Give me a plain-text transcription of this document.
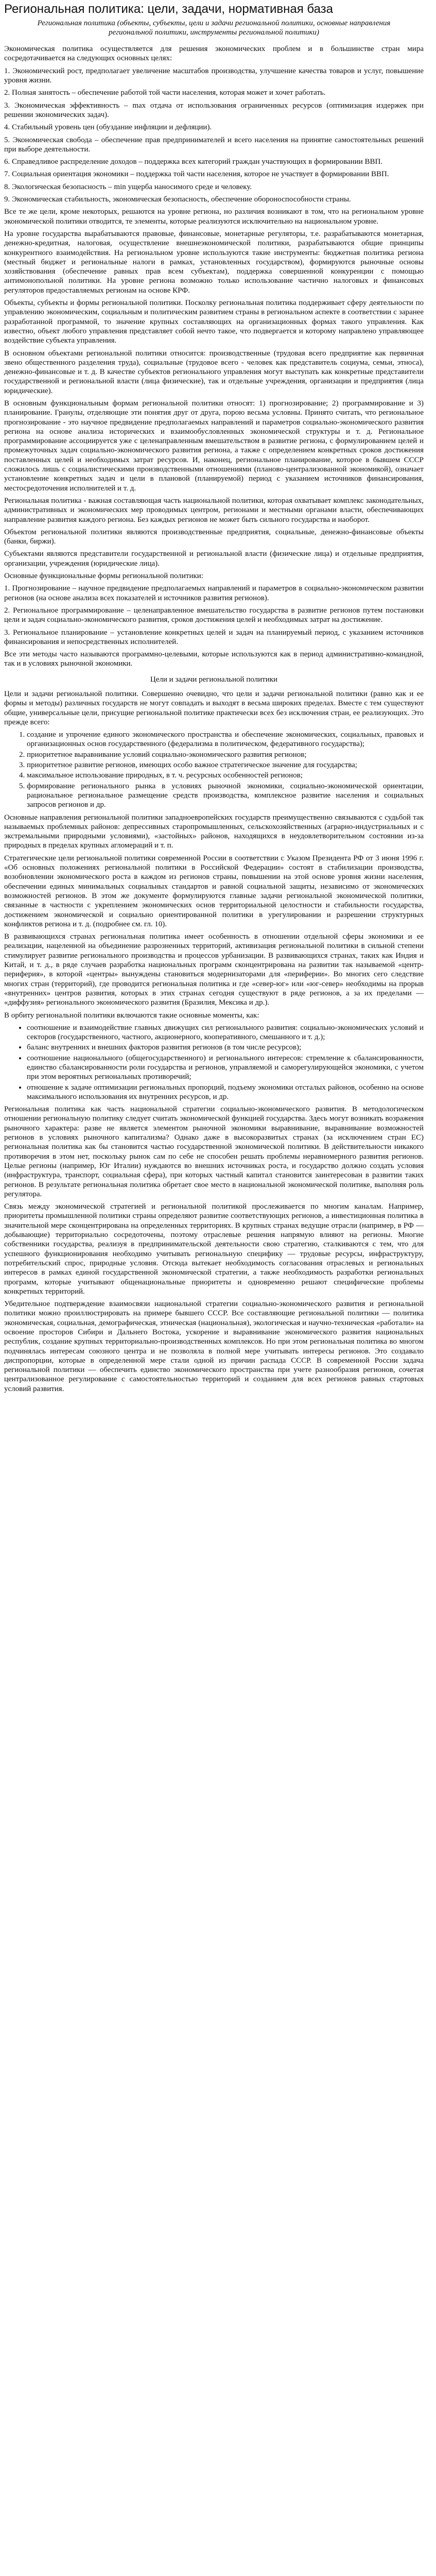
Региональная политика: цели, задачи, нормативная база

Региональная политика (объекты, субъекты, цели и задачи региональной политики, основные направления региональной политики, инструменты региональной политики)

Экономическая политика осуществляется для решения экономических проблем и в большинстве стран мира сосредотачивается на следующих основных целях:

1. Экономический рост, предполагает увеличение масштабов производства, улучшение качества товаров и услуг, повышение уровня жизни.

2. Полная занятость – обеспечение работой той части населения, которая может и хочет работать.

3. Экономическая эффективность – max отдача от использования ограниченных ресурсов (оптимизация издержек при решении экономических задач).

4. Стабильный уровень цен (обуздание инфляции и дефляции).

5. Экономическая свобода – обеспечение прав предпринимателей и всего населения на принятие самостоятельных решений при выборе деятельности.

6. Справедливое распределение доходов – поддержка всех категорий граждан участвующих в формировании ВВП.

7. Социальная ориентация экономики – поддержка той части населения, которое не участвует в формировании ВВП.

8. Экологическая безопасность – min ущерба наносимого среде и человеку.

9. Экономическая стабильность, экономическая безопасность, обеспечение обороноспособности страны.

Все те же цели, кроме некоторых, решаются на уровне региона, но различия возникают в том, что на региональном уровне экономической политики отводится, те элементы, которые реализуются исключительно на национальном уровне.

На уровне государства вырабатываются правовые, финансовые, монетарные регуляторы, т.е. разрабатываются монетарная, денежно-кредитная, налоговая, осуществление внешнеэкономической политики, разрабатываются общие принципы конкурентного взаимодействия. На региональном уровне используются такие инструменты: бюджетная политика региона (местный бюджет и региональные налоги в рамках, установленных государством), формируются рыночные основы хозяйствования (обеспечение равных прав всем субъектам), поддержка совершенной конкуренции с помощью антимонопольной политики. На уровне региона возможно только использование частично налоговых и финансовых регуляторов предоставляемых регионам на основе КРФ.

Объекты, субъекты и формы региональной политики. Посколку региональная политика поддерживает сферу деятельности по управлению экономическим, социальным и политическим развитием страны в региональном аспекте в соответствии с заранее разработанной программой, то значение крупных составляющих на организационных формах такого управления. Как известно, объект любого управления представляет собой нечто такое, что подвергается и которому направлено управляющее воздействие субъекта управления.

В основном объектами региональной политики относится: производственные (трудовая всего предприятие как первичная звено общественного разделения труда), социальные (трудовое всего - человек как представитель социума, семьи, этноса), денежно-финансовые и т. д. В качестве субъектов регионального управления могут выступать как конкретные представители государственной и региональной власти (лица физические), так и отдельные учреждения, организации и предприятия (лица юридические).

В основным функциональным формам региональной политики относят: 1) прогнозирование; 2) программирование и 3) планирование. Гранулы, отделяющие эти понятия друг от друга, порою весьма условны. Принято считать, что региональное прогнозирование - это научное предвидение предполагаемых направлений и параметров социально-экономического развития региона на основе анализа исторических и взаимообусловленных экономической структуры и т. д. Региональное программирование ассоциируется уже с целенаправленным вмешательством в развитие региона, с формулированием целей и промежуточных задач социально-экономического развития региона, а также с определением конкретных сроков достижения поставленных целей и необходимых затрат ресурсов. И, наконец, региональное планирование, которое в бывшем СССР сложилось лишь с социалистическими производственными отношениями (планово-централизованной экономикой), означает установление конкретных задач и цели в плановой (планируемой) период с указанием источников финансирования, местосредоточения исполнителей и т. д.

Региональная политика - важная составляющая часть национальной политики, которая охватывает комплекс законодательных, административных и экономических мер проводимых центром, регионами и местными органами власти, обеспечивающих направление развития каждого региона. Без каждых регионов не может быть сильного государства и наоборот.

Объектом региональной политики являются производственные предприятия, социальные, денежно-финансовые объекты (банки, биржи).

Субъектами являются представители государственной и региональной власти (физические лица) и отдельные предприятия, организации, учреждения (юридические лица).

Основные функциональные формы региональной политики:

1. Прогнозирование – научное предвидение предполагаемых направлений и параметров в социально-экономическом развитии регионов (на основе анализа всех показателей и источников развития регионов).

2. Региональное программирование – целенаправленное вмешательство государства в развитие регионов путем постановки цели и задач социально-экономического развития, сроков достижения целей и необходимых затрат на достижение.

3. Региональное планирование – установление конкретных целей и задач на планируемый период, с указанием источников финансирования и непосредственных исполнителей.

Все эти методы часто называются программно-целевыми, которые используются как в период административно-командной, так и в условиях рыночной экономики.

Цели и задачи региональной политики

Цели и задачи региональной политики. Совершенно очевидно, что цели и задачи региональной политики (равно как и ее формы и методы) различных государств не могут совпадать и выходят в весьма широких пределах. Вместе с тем существуют общие, универсальные цели, присущие региональной политике практически всех без исключения стран, ее реализующих. Это прежде всего:

1. создание и упрочение единого экономического пространства и обеспечение экономических, социальных, правовых и организационных основ государственного (федерализма в политическом, федеративного государства);
2. приоритетное выравнивание условий социально-экономического развития регионов;
3. приоритетное развитие регионов, имеющих особо важное стратегическое значение для государства;
4. максимальное использование природных, в т. ч. ресурсных особенностей регионов;
5. формирование регионального рынка в условиях рыночной экономики, социально-экономической ориентации, рациональное региональное размещение средств производства, комплексное развитие населения и социальных запросов регионов и др.

Основные направления региональной политики западноевропейских государств преимущественно связываются с судьбой так называемых проблемных районов: депрессивных старопромышленных, сельскохозяйственных (аграрно-индустриальных и с экстремальными природными условиями), «застойных» районов, находящихся в неудовлетворительном состоянии из-за природных в пределах крупных агломераций и т. п.

Стратегические цели региональной политики современной России в соответствии с Указом Президента РФ от 3 июня 1996 г. «Об основных положениях региональной политики в Российской Федерации» состоят в стабилизации производства, возобновлении экономического роста в каждом из регионов страны, повышении на этой основе уровня жизни населения, обеспечении единых минимальных социальных стандартов и равной социальной защиты, независимо от экономических возможностей регионов. В этом же документе формулируются главные задачи региональной экономической политики, связанные в частности с укреплением экономических основ территориальной целостности и стабильности государства, достижением экономической и социально ориентированной политики в урегулировании и разрешении структурных конфликтов региона и т. д. (подробнее см. гл. 10).

В развивающихся странах региональная политика имеет особенность в отношении отдельной сферы экономики и ее реализации, нацеленной на объединение разрозненных территорий, активизация региональной политики в сильной степени стимулирует развитие регионального производства и процессов урбанизации. В развивающихся странах, таких как Индия и Китай, и т. д., в ряде случаев разработка национальных программ сконцентрирована на развитии так называемой «центр-периферия», в которой «центры» вынуждены становиться модернизаторами для «периферии». Во многих сего следствие многих стран (территорий), где проводится региональная политика и где «север-юг» или «юг-север» необходимы на прорыв «внутренних» центров развития, которых в этих странах сегодня существуют в ряде регионов, а за их пределами — «диффузия» регионального экономического развития (Бразилия, Мексика и др.).

В орбиту региональной политики включаются такие основные моменты, как:

• соотношение и взаимодействие главных движущих сил регионального развития: социально-экономических условий и секторов (государственного, частного, акционерного, кооперативного, смешанного и т. д.);
• баланс внутренних и внешних факторов развития регионов (в том числе ресурсов);
• соотношение национального (общегосударственного) и регионального интересов: стремление к сбалансированности, единство сбалансированности роли государства и регионов, управляемой и саморегулирующейся экономики, с учетом при этом вероятных региональных противоречий;
• отношение к задаче оптимизации региональных пропорций, подъему экономики отсталых районов, особенно на основе максимального использования их внутренних ресурсов, и др.

Региональная политика как часть национальной стратегии социально-экономического развития. В методологическом отношении региональную политику следует считать экономической функцией государства. Здесь могут возникать возражения рыночного характера: разве не является элементом рыночной экономики выравнивание, выравнивание возможностей регионов в условиях рыночного капитализма? Однако даже в высокоразвитых странах (за исключением стран ЕС) региональная политика как бы становится частью государственной экономической политики. В действительности никакого противоречия в этом нет, поскольку рынок сам по себе не способен решать проблемы неравномерного развития регионов. Целые регионы (например, Юг Италии) нуждаются во внешних источниках роста, и государство должно создать условия (инфраструктура, транспорт, социальная сфера), при которых частный капитал становится заинтересован в развитии таких регионов. В результате региональная политика обретает свое место в национальной экономической политике, выполняя роль регулятора.

Связь между экономической стратегией и региональной политикой прослеживается по многим каналам. Например, приоритеты промышленной политики страны определяют развитие соответствующих регионов, а инвестиционная политика в значительной мере сконцентрирована на определенных территориях. В крупных странах ведущие отрасли (например, в РФ — добывающие) территориально сосредоточены, поэтому отраслевые решения напрямую влияют на регионы. Многие собственники государства, реализуя в предпринимательской деятельности свою стратегию, сталкиваются с тем, что для успешного функционирования необходимо учитывать региональную специфику — трудовые ресурсы, инфраструктуру, потребительский спрос, природные условия. Отсюда вытекает необходимость согласования отраслевых и региональных интересов в рамках единой государственной экономической стратегии, а также необходимость разработки региональных программ, которые учитывают общенациональные приоритеты и одновременно решают специфические проблемы конкретных территорий.

Убедительное подтверждение взаимосвязи национальной стратегии социально-экономического развития и региональной политики можно проиллюстрировать на примере бывшего СССР. Все составляющие региональной политики — политика экономическая, социальная, демографическая, этническая (национальная), экологическая и научно-техническая «работали» на освоение просторов Сибири и Дальнего Востока, ускорение и выравнивание экономического развития национальных республик, создание крупных территориально-производственных комплексов. Но при этом региональная политика во многом подчинялась интересам союзного центра и не позволяла в полной мере учитывать интересы регионов. Это создавало диспропорции, которые в определенной мере стали одной из причин распада СССР. В современной России задача региональной политики — обеспечить единство экономического пространства при учете разнообразия регионов, сочетая централизованное регулирование с самостоятельностью территорий и созданием для всех регионов равных стартовых условий развития.
